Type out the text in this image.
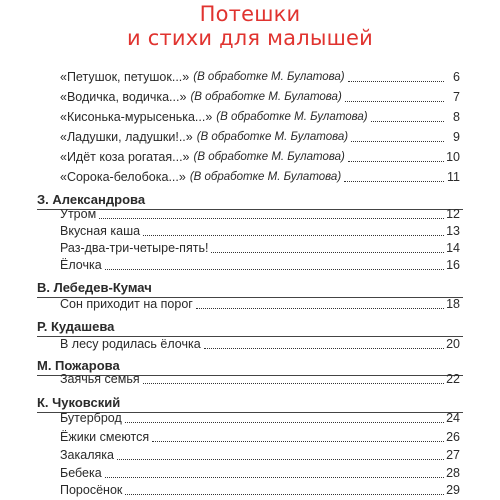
Потешки
и стихи для малышей
«Петушок, петушок...» (В обработке М. Булатова)	6
«Водичка, водичка...» (В обработке М. Булатова)	7
«Кисонька-мурысенька...» (В обработке М. Булатова)	8
«Ладушки, ладушки!..» (В обработке М. Булатова)	9
«Идёт коза рогатая...» (В обработке М. Булатова)	10
«Сорока-белобока...» (В обработке М. Булатова)	11
З. Александрова
Утром	12
Вкусная каша	13
Раз-два-три-четыре-пять!	14
Ёлочка	16
В. Лебедев-Кумач
Сон приходит на порог	18
Р. Кудашева
В лесу родилась ёлочка	20
М. Пожарова
Заячья семья	22
К. Чуковский
Бутерброд	24
Ёжики смеются	26
Закаляка	27
Бебека	28
Поросёнок	29
